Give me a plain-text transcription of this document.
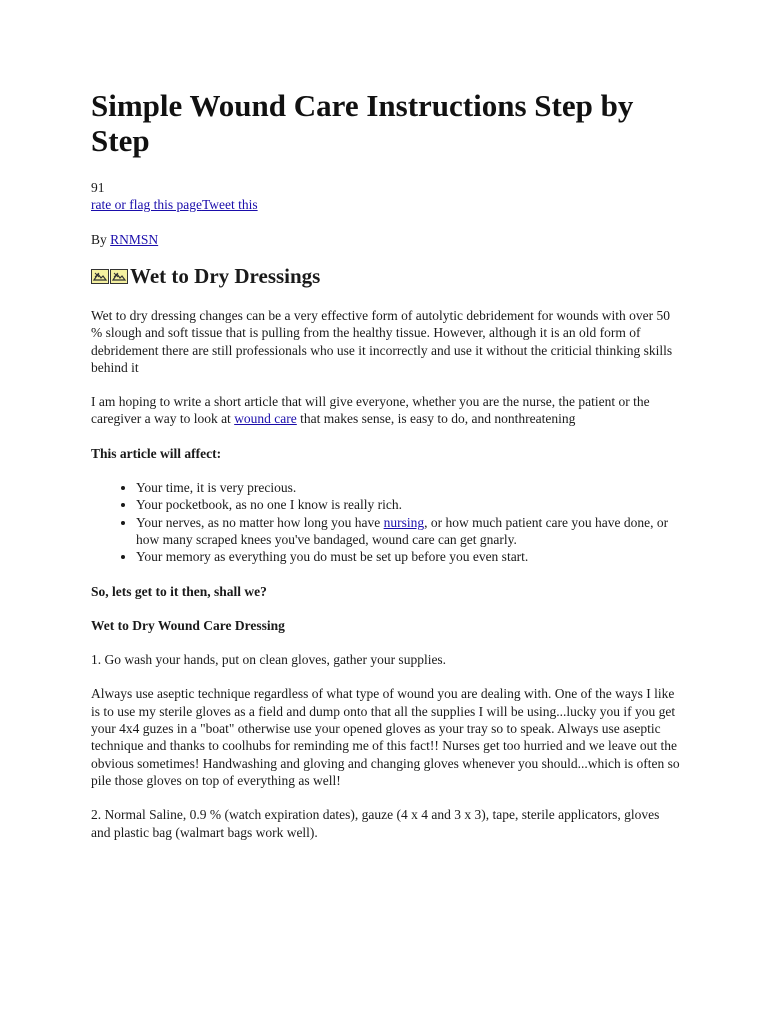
Simple Wound Care Instructions Step by Step
91
rate or flag this pageTweet this
By RNMSN
Wet to Dry Dressings

Wet to dry dressing changes can be a very effective form of autolytic debridement for wounds with over 50 % slough and soft tissue that is pulling from the healthy tissue. However, although it is an old form of debridement there are still professionals who use it incorrectly and use it without the criticial thinking skills behind it

I am hoping to write a short article that will give everyone, whether you are the nurse, the patient or the caregiver a way to look at wound care that makes sense, is easy to do, and nonthreatening

This article will affect:

• Your time, it is very precious.
• Your pocketbook, as no one I know is really rich.
• Your nerves, as no matter how long you have nursing, or how much patient care you have done, or how many scraped knees you've bandaged, wound care can get gnarly.
• Your memory as everything you do must be set up before you even start.

So, lets get to it then, shall we?

Wet to Dry Wound Care Dressing

1. Go wash your hands, put on clean gloves, gather your supplies.

Always use aseptic technique regardless of what type of wound you are dealing with. One of the ways I like is to use my sterile gloves as a field and dump onto that all the supplies I will be using...lucky you if you get your 4x4 guzes in a "boat" otherwise use your opened gloves as your tray so to speak. Always use aseptic technique and thanks to coolhubs for reminding me of this fact!! Nurses get too hurried and we leave out the obvious sometimes! Handwashing and gloving and changing gloves whenever you should...which is often so pile those gloves on top of everything as well!

2. Normal Saline, 0.9 % (watch expiration dates), gauze (4 x 4 and 3 x 3), tape, sterile applicators, gloves and plastic bag (walmart bags work well).
